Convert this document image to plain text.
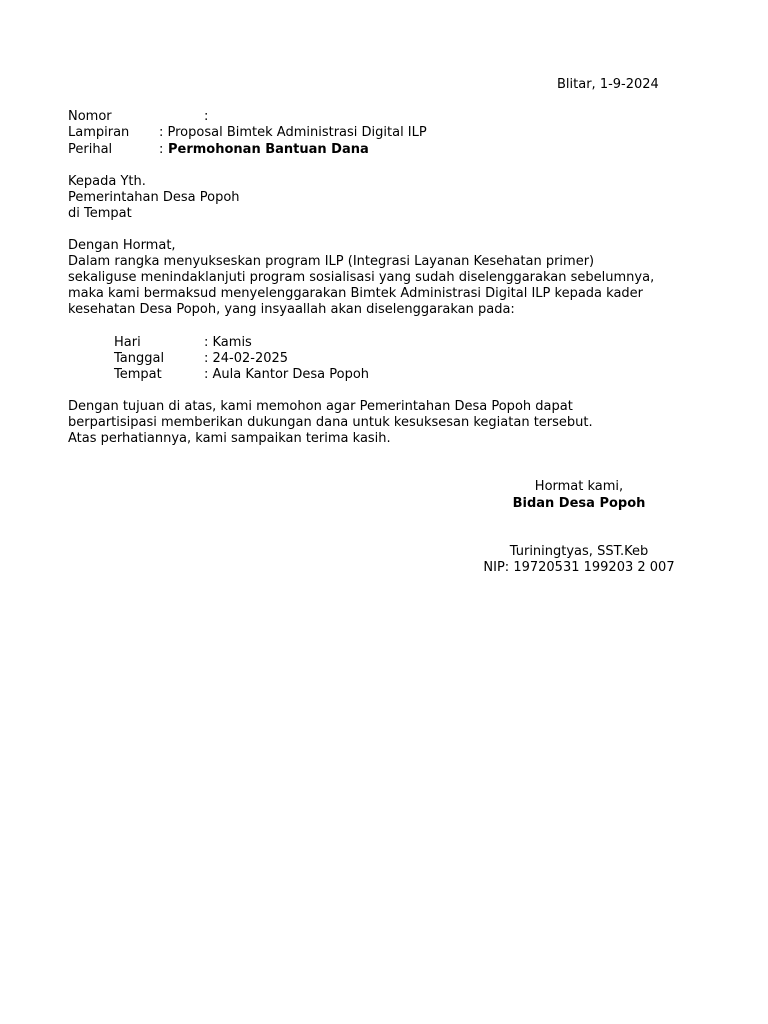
Blitar, 1-9-2024
Nomor	:
Lampiran : Proposal Bimtek Administrasi Digital ILP
Perihal	: Permohonan Bantuan Dana
Kepada Yth.
Pemerintahan Desa Popoh
di Tempat
Dengan Hormat,
Dalam rangka menyukseskan program ILP (Integrasi Layanan Kesehatan primer)
sekaliguse menindaklanjuti program sosialisasi yang sudah diselenggarakan sebelumnya,
maka kami bermaksud menyelenggarakan Bimtek Administrasi Digital ILP kepada kader
kesehatan Desa Popoh, yang insyaallah akan diselenggarakan pada:
Hari	: Kamis
Tanggal	: 24-02-2025
Tempat	: Aula Kantor Desa Popoh
Dengan tujuan di atas, kami memohon agar Pemerintahan Desa Popoh dapat
berpartisipasi memberikan dukungan dana untuk kesuksesan kegiatan tersebut.
Atas perhatiannya, kami sampaikan terima kasih.
Hormat kami,
Bidan Desa Popoh
Turiningtyas, SST.Keb
NIP: 19720531 199203 2 007
